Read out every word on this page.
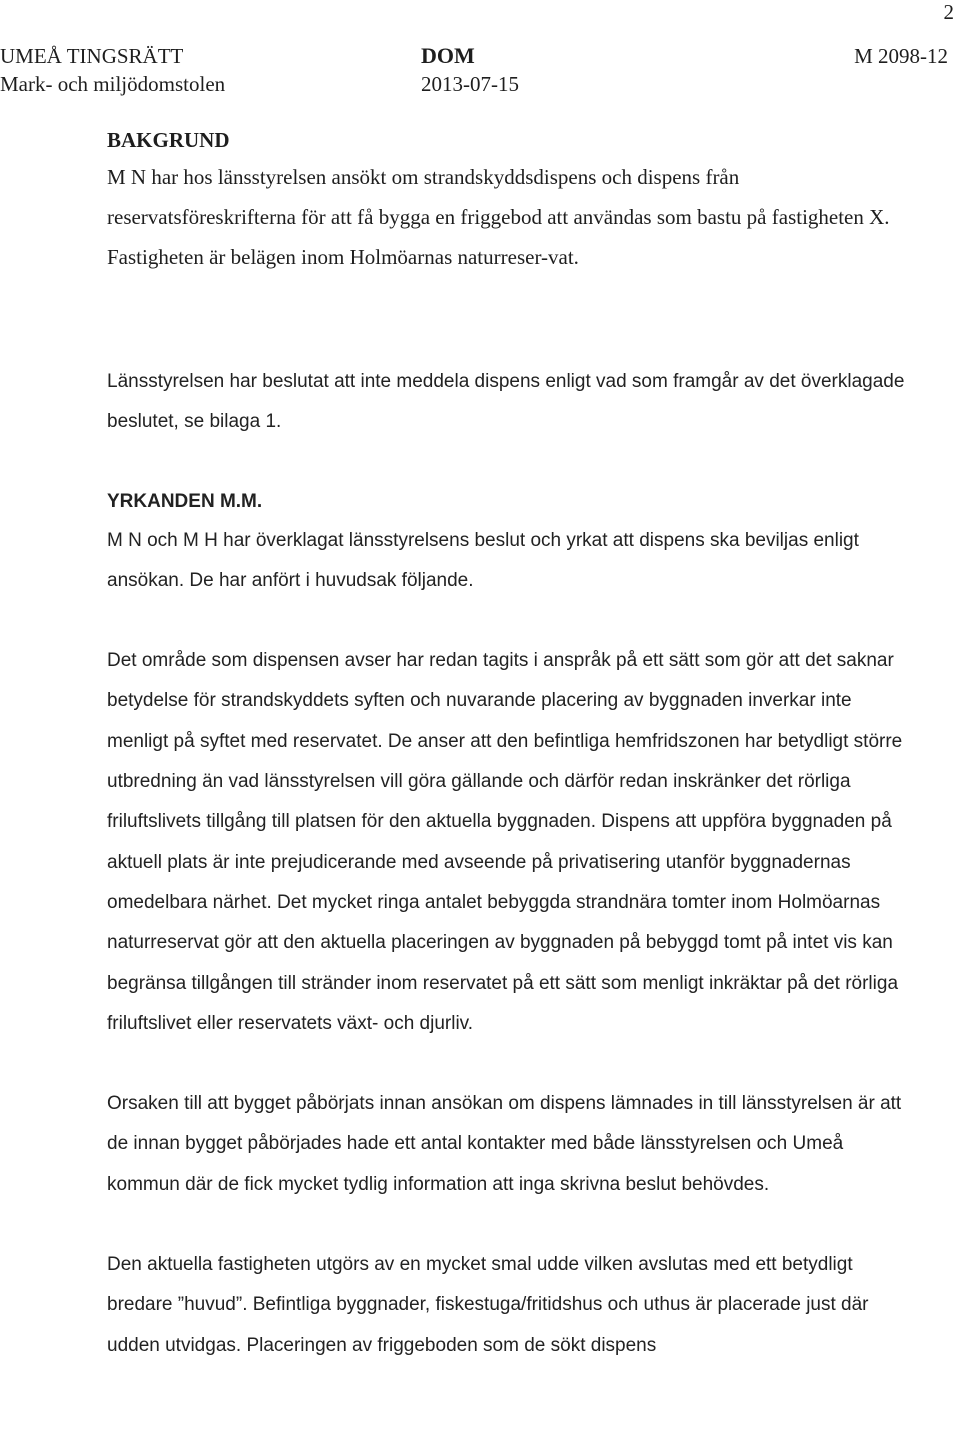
2
UMEÅ TINGSRÄTT
Mark- och miljödomstolen
DOM
2013-07-15
M 2098-12

BAKGRUND

M N har hos länsstyrelsen ansökt om strandskyddsdispens och dispens från reservatsföreskrifterna för att få bygga en friggebod att användas som bastu på fastigheten X. Fastigheten är belägen inom Holmöarnas naturreser-vat.

Länsstyrelsen har beslutat att inte meddela dispens enligt vad som framgår av det överklagade beslutet, se bilaga 1.

YRKANDEN M.M.

M N och M H har överklagat länsstyrelsens beslut och yrkat att dispens ska beviljas enligt ansökan. De har anfört i huvudsak följande.

Det område som dispensen avser har redan tagits i anspråk på ett sätt som gör att det saknar betydelse för strandskyddets syften och nuvarande placering av byggnaden inverkar inte menligt på syftet med reservatet. De anser att den befintliga hemfridszonen har betydligt större utbredning än vad länsstyrelsen vill göra gällande och därför redan inskränker det rörliga friluftslivets tillgång till platsen för den aktuella byggnaden. Dispens att uppföra byggnaden på aktuell plats är inte prejudicerande med avseende på privatisering utanför byggnadernas omedelbara närhet. Det mycket ringa antalet bebyggda strandnära tomter inom Holmöarnas naturreservat gör att den aktuella placeringen av byggnaden på bebyggd tomt på intet vis kan begränsa tillgången till stränder inom reservatet på ett sätt som menligt inkräktar på det rörliga friluftslivet eller reservatets växt- och djurliv.

Orsaken till att bygget påbörjats innan ansökan om dispens lämnades in till länsstyrelsen är att de innan bygget påbörjades hade ett antal kontakter med både länsstyrelsen och Umeå kommun där de fick mycket tydlig information att inga skrivna beslut behövdes.

Den aktuella fastigheten utgörs av en mycket smal udde vilken avslutas med ett betydligt bredare ”huvud”. Befintliga byggnader, fiskestuga/fritidshus och uthus är placerade just där udden utvidgas. Placeringen av friggeboden som de sökt dispens
